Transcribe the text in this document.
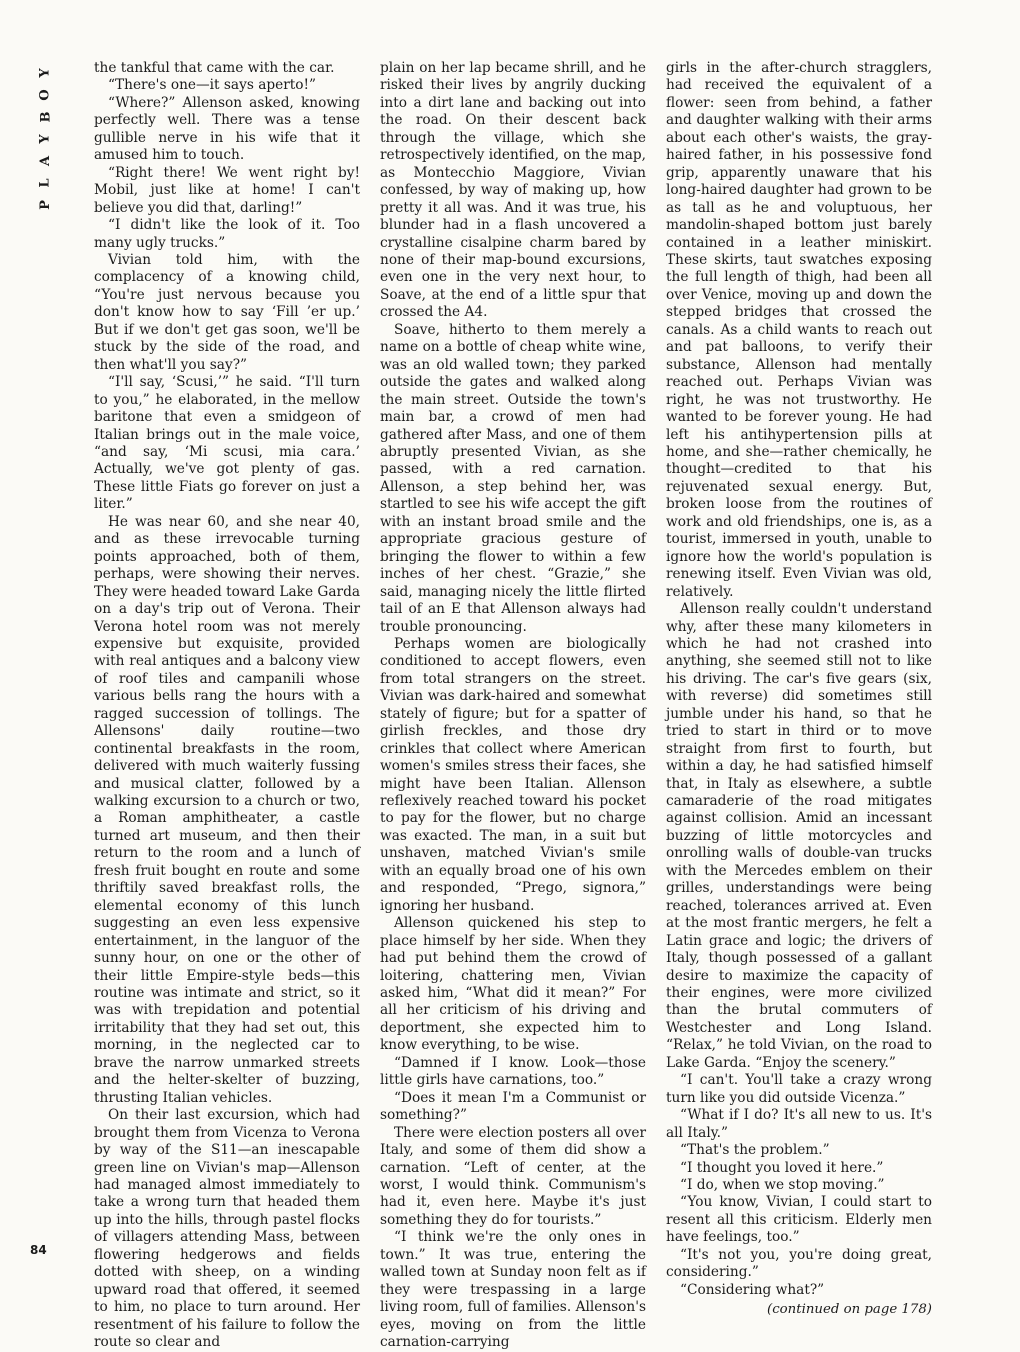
Y
O
B
Y
A
L
P

the tankful that came with the car.

“There's one—it says aperto!”

“Where?” Allenson asked, knowing perfectly well. There was a tense gullible nerve in his wife that it amused him to touch.

“Right there! We went right by! Mobil, just like at home! I can't believe you did that, darling!”

“I didn't like the look of it. Too many ugly trucks.”

Vivian told him, with the complacency of a knowing child, “You're just nervous because you don't know how to say ‘Fill ’er up.’ But if we don't get gas soon, we'll be stuck by the side of the road, and then what'll you say?”

“I'll say, ‘Scusi,’” he said. “I'll turn to you,” he elaborated, in the mellow baritone that even a smidgeon of Italian brings out in the male voice, “and say, ‘Mi scusi, mia cara.’ Actually, we've got plenty of gas. These little Fiats go forever on just a liter.”

He was near 60, and she near 40, and as these irrevocable turning points approached, both of them, perhaps, were showing their nerves. They were headed toward Lake Garda on a day's trip out of Verona. Their Verona hotel room was not merely expensive but exquisite, provided with real antiques and a balcony view of roof tiles and campanili whose various bells rang the hours with a ragged succession of tollings. The Allensons' daily routine—two continental breakfasts in the room, delivered with much waiterly fussing and musical clatter, followed by a walking excursion to a church or two, a Roman amphitheater, a castle turned art museum, and then their return to the room and a lunch of fresh fruit bought en route and some thriftily saved breakfast rolls, the elemental economy of this lunch suggesting an even less expensive entertainment, in the languor of the sunny hour, on one or the other of their little Empire-style beds—this routine was intimate and strict, so it was with trepidation and potential irritability that they had set out, this morning, in the neglected car to brave the narrow unmarked streets and the helter-skelter of buzzing, thrusting Italian vehicles.

On their last excursion, which had brought them from Vicenza to Verona by way of the S11—an inescapable green line on Vivian's map—Allenson had managed almost immediately to take a wrong turn that headed them up into the hills, through pastel flocks of villagers attending Mass, between flowering hedgerows and fields dotted with sheep, on a winding upward road that offered, it seemed to him, no place to turn around. Her resentment of his failure to follow the route so clear and

plain on her lap became shrill, and he risked their lives by angrily ducking into a dirt lane and backing out into the road. On their descent back through the village, which she retrospectively identified, on the map, as Montecchio Maggiore, Vivian confessed, by way of making up, how pretty it all was. And it was true, his blunder had in a flash uncovered a crystalline cisalpine charm bared by none of their map-bound excursions, even one in the very next hour, to Soave, at the end of a little spur that crossed the A4.

Soave, hitherto to them merely a name on a bottle of cheap white wine, was an old walled town; they parked outside the gates and walked along the main street. Outside the town's main bar, a crowd of men had gathered after Mass, and one of them abruptly presented Vivian, as she passed, with a red carnation. Allenson, a step behind her, was startled to see his wife accept the gift with an instant broad smile and the appropriate gracious gesture of bringing the flower to within a few inches of her chest. “Grazie,” she said, managing nicely the little flirted tail of an E that Allenson always had trouble pronouncing.

Perhaps women are biologically conditioned to accept flowers, even from total strangers on the street. Vivian was dark-haired and somewhat stately of figure; but for a spatter of girlish freckles, and those dry crinkles that collect where American women's smiles stress their faces, she might have been Italian. Allenson reflexively reached toward his pocket to pay for the flower, but no charge was exacted. The man, in a suit but unshaven, matched Vivian's smile with an equally broad one of his own and responded, “Prego, signora,” ignoring her husband.

Allenson quickened his step to place himself by her side. When they had put behind them the crowd of loitering, chattering men, Vivian asked him, “What did it mean?” For all her criticism of his driving and deportment, she expected him to know everything, to be wise.

“Damned if I know. Look—those little girls have carnations, too.”

“Does it mean I'm a Communist or something?”

There were election posters all over Italy, and some of them did show a carnation. “Left of center, at the worst, I would think. Communism's had it, even here. Maybe it's just something they do for tourists.”

“I think we're the only ones in town.” It was true, entering the walled town at Sunday noon felt as if they were trespassing in a large living room, full of families. Allenson's eyes, moving on from the little carnation-carrying

girls in the after-church stragglers, had received the equivalent of a flower: seen from behind, a father and daughter walking with their arms about each other's waists, the gray-haired father, in his possessive fond grip, apparently unaware that his long-haired daughter had grown to be as tall as he and voluptuous, her mandolin-shaped bottom just barely contained in a leather miniskirt. These skirts, taut swatches exposing the full length of thigh, had been all over Venice, moving up and down the stepped bridges that crossed the canals. As a child wants to reach out and pat balloons, to verify their substance, Allenson had mentally reached out. Perhaps Vivian was right, he was not trustworthy. He wanted to be forever young. He had left his antihypertension pills at home, and she—rather chemically, he thought—credited to that his rejuvenated sexual energy. But, broken loose from the routines of work and old friendships, one is, as a tourist, immersed in youth, unable to ignore how the world's population is renewing itself. Even Vivian was old, relatively.

Allenson really couldn't understand why, after these many kilometers in which he had not crashed into anything, she seemed still not to like his driving. The car's five gears (six, with reverse) did sometimes still jumble under his hand, so that he tried to start in third or to move straight from first to fourth, but within a day, he had satisfied himself that, in Italy as elsewhere, a subtle camaraderie of the road mitigates against collision. Amid an incessant buzzing of little motorcycles and onrolling walls of double-van trucks with the Mercedes emblem on their grilles, understandings were being reached, tolerances arrived at. Even at the most frantic mergers, he felt a Latin grace and logic; the drivers of Italy, though possessed of a gallant desire to maximize the capacity of their engines, were more civilized than the brutal commuters of Westchester and Long Island. “Relax,” he told Vivian, on the road to Lake Garda. “Enjoy the scenery.”

“I can't. You'll take a crazy wrong turn like you did outside Vicenza.”

“What if I do? It's all new to us. It's all Italy.”

“That's the problem.”

“I thought you loved it here.”

“I do, when we stop moving.”

“You know, Vivian, I could start to resent all this criticism. Elderly men have feelings, too.”

“It's not you, you're doing great, considering.”

“Considering what?”

(continued on page 178)
84
